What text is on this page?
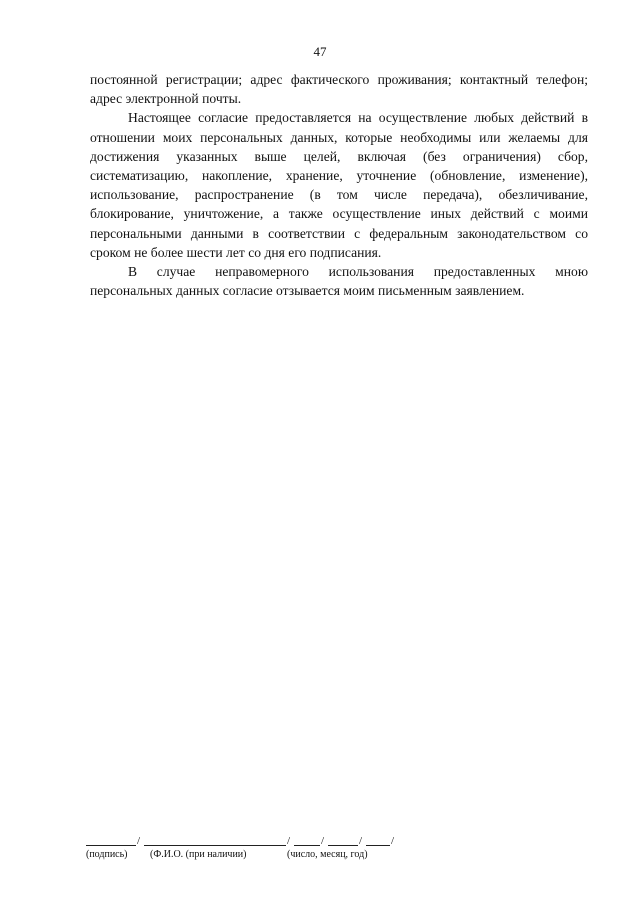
47

постоянной регистрации; адрес фактического проживания; контактный телефон; адрес электронной почты.

Настоящее согласие предоставляется на осуществление любых действий в отношении моих персональных данных, которые необходимы или желаемы для достижения указанных выше целей, включая (без ограничения) сбор, систематизацию, накопление, хранение, уточнение (обновление, изменение), использование, распространение (в том числе передача), обезличивание, блокирование, уничтожение, а также осуществление иных действий с моими персональными данными в соответствии с федеральным законодательством со сроком не более шести лет со дня его подписания.

В случае неправомерного использования предоставленных мною персональных данных согласие отзывается моим письменным заявлением.

/	/	/	/	/
(подпись) (Ф.И.О. (при наличии)	(число, месяц, год)
